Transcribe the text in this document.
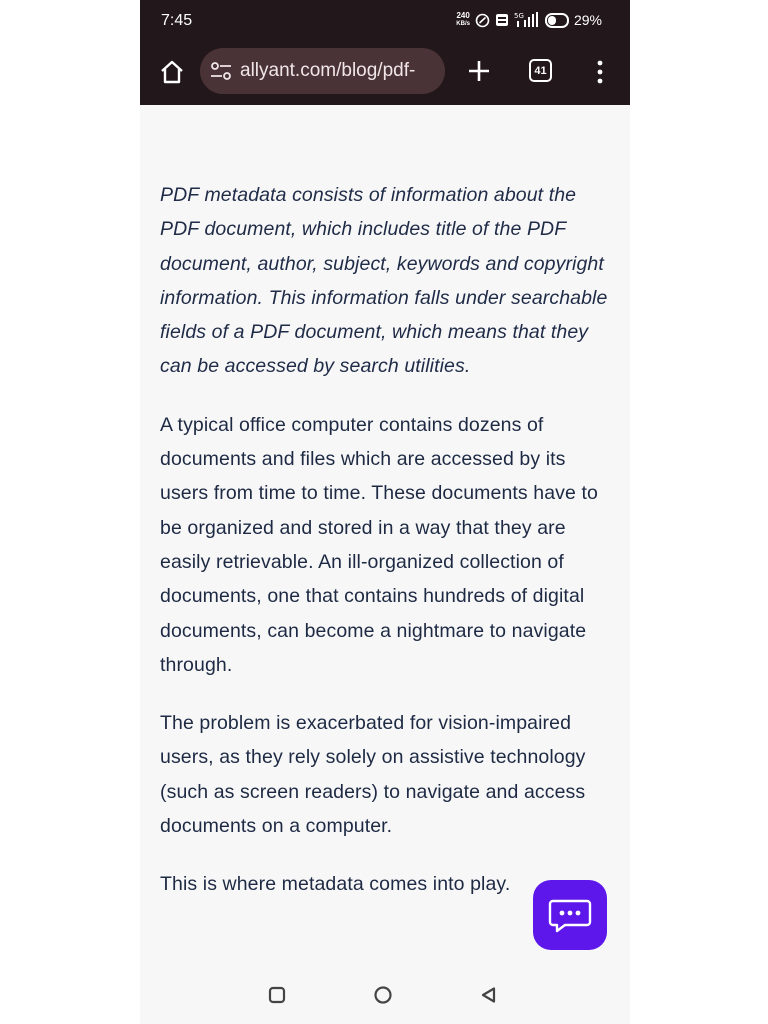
7:45	240
KB/s
5G	29%
allyant.com/blog/pdf-	41

PDF metadata consists of information about the PDF document, which includes title of the PDF document, author, subject, keywords and copyright information. This information falls under searchable fields of a PDF document, which means that they can be accessed by search utilities.

A typical office computer contains dozens of documents and files which are accessed by its users from time to time. These documents have to be organized and stored in a way that they are easily retrievable. An ill-organized collection of documents, one that contains hundreds of digital documents, can become a nightmare to navigate through.

The problem is exacerbated for vision-impaired users, as they rely solely on assistive technology (such as screen readers) to navigate and access documents on a computer.

This is where metadata comes into play.
